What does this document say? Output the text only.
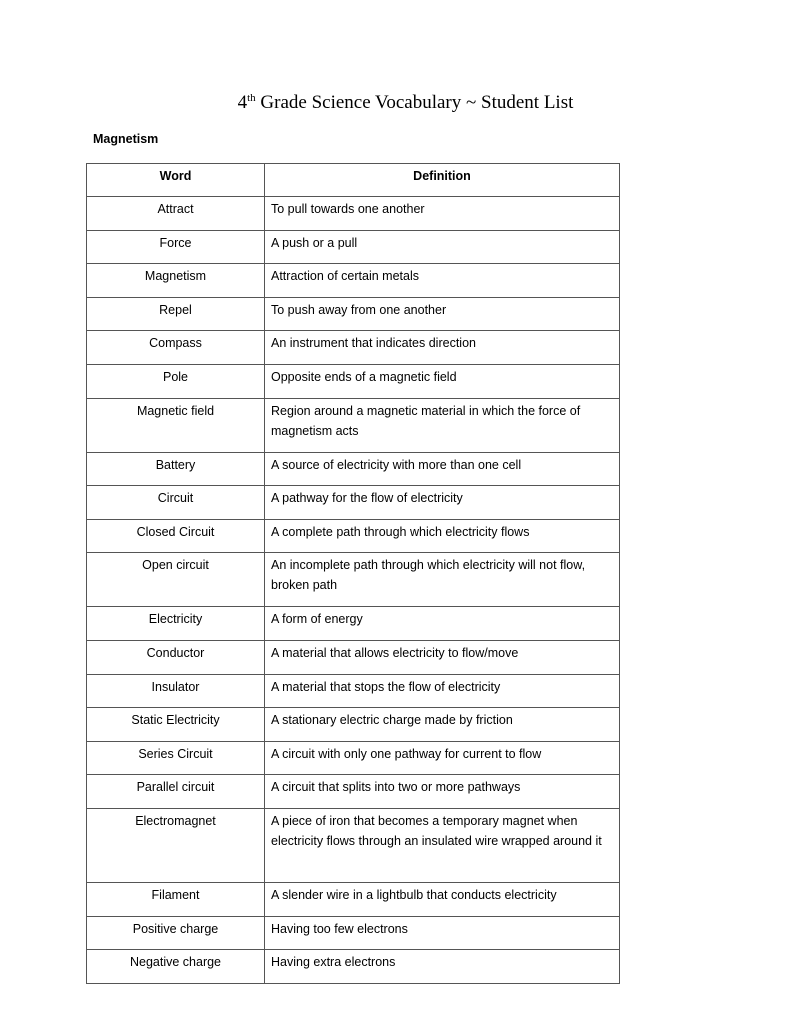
4th Grade Science Vocabulary ~ Student List
Magnetism
Word	Definition
Attract	To pull towards one another
Force	A push or a pull
Magnetism	Attraction of certain metals
Repel	To push away from one another
Compass	An instrument that indicates direction
Pole	Opposite ends of a magnetic field
Magnetic field	Region around a magnetic material in which the force of magnetism acts
Battery	A source of electricity with more than one cell
Circuit	A pathway for the flow of electricity
Closed Circuit	A complete path through which electricity flows
Open circuit	An incomplete path through which electricity will not flow, broken path
Electricity	A form of energy
Conductor	A material that allows electricity to flow/move
Insulator	A material that stops the flow of electricity
Static Electricity	A stationary electric charge made by friction
Series Circuit	A circuit with only one pathway for current to flow
Parallel circuit	A circuit that splits into two or more pathways
Electromagnet	A piece of iron that becomes a temporary magnet when electricity flows through an insulated wire wrapped around it
Filament	A slender wire in a lightbulb that conducts electricity
Positive charge	Having too few electrons
Negative charge	Having extra electrons
